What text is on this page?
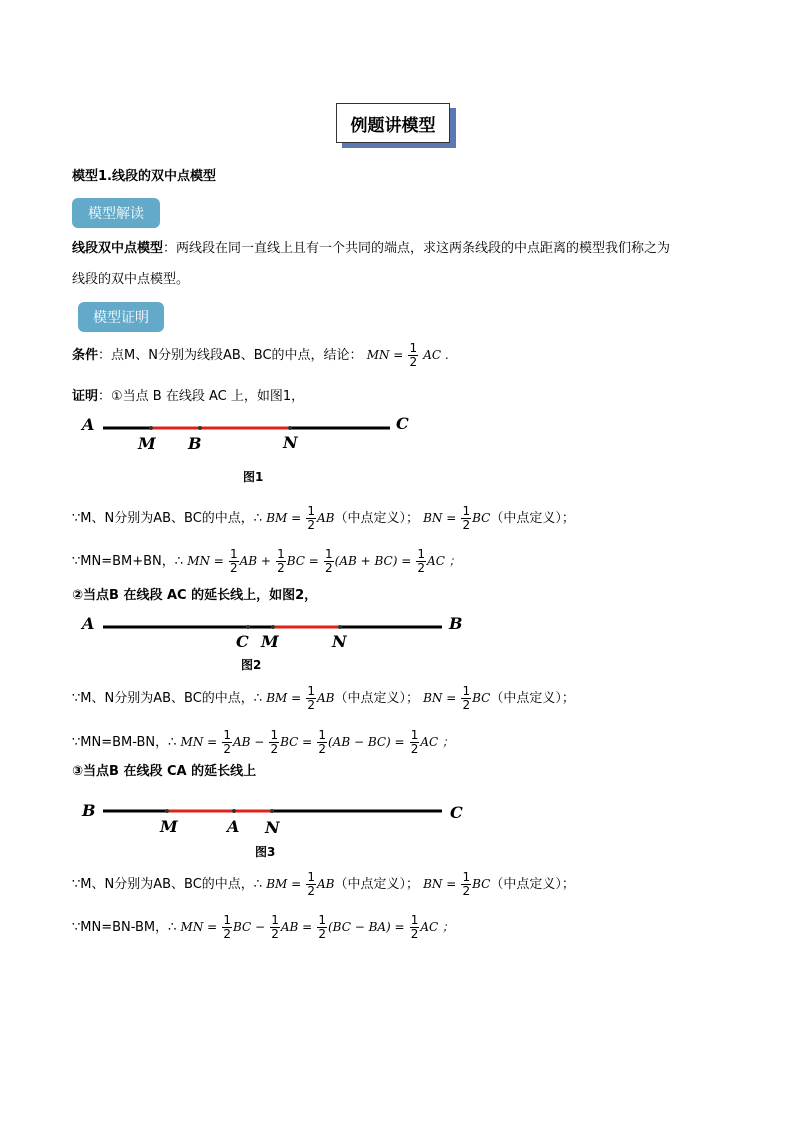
例题讲模型
模型1.线段的双中点模型
模型解读
线段双中点模型：两线段在同一直线上且有一个共同的端点，求这两条线段的中点距离的模型我们称之为
线段的双中点模型。
模型证明
条件：点M、N分别为线段AB、BC的中点，结论： MN = $\frac{1}{2}$ AC .
证明：①当点 B 在线段 AC 上，如图1，
A
M B	N
C
图1
∵M、N分别为AB、BC的中点，∴ BM = $\frac{1}{2} AB$（中点定义）； BN = $\frac{1}{2} BC$（中点定义）；
∵MN=BM+BN，∴ MN = $\frac{1}{2}$ AB + $\frac{1}{2}$ BC = $\frac{1}{2} (AB + BC) = \frac{1}{2}$ AC ；
②当点B 在线段 AC 的延长线上，如图2，
A
C M	N
B
图2
∵M、N分别为AB、BC的中点，∴ BM = $\frac{1}{2} AB$（中点定义）； BN = $\frac{1}{2} BC$（中点定义）；
∵MN=BM-BN，∴ MN = $\frac{1}{2}$ AB − $\frac{1}{2}$ BC = $\frac{1}{2} (AB - BC) = \frac{1}{2}$ AC ；
③当点B 在线段 CA 的延长线上
B
M	A N
C
图3
∵M、N分别为AB、BC的中点，∴ BM = $\frac{1}{2} AB$（中点定义）； BN = $\frac{1}{2} BC$（中点定义）；
∵MN=BN-BM，∴ MN = $\frac{1}{2}$ BC − $\frac{1}{2}$ AB = $\frac{1}{2} (BC - BA) = \frac{1}{2}$ AC ；
